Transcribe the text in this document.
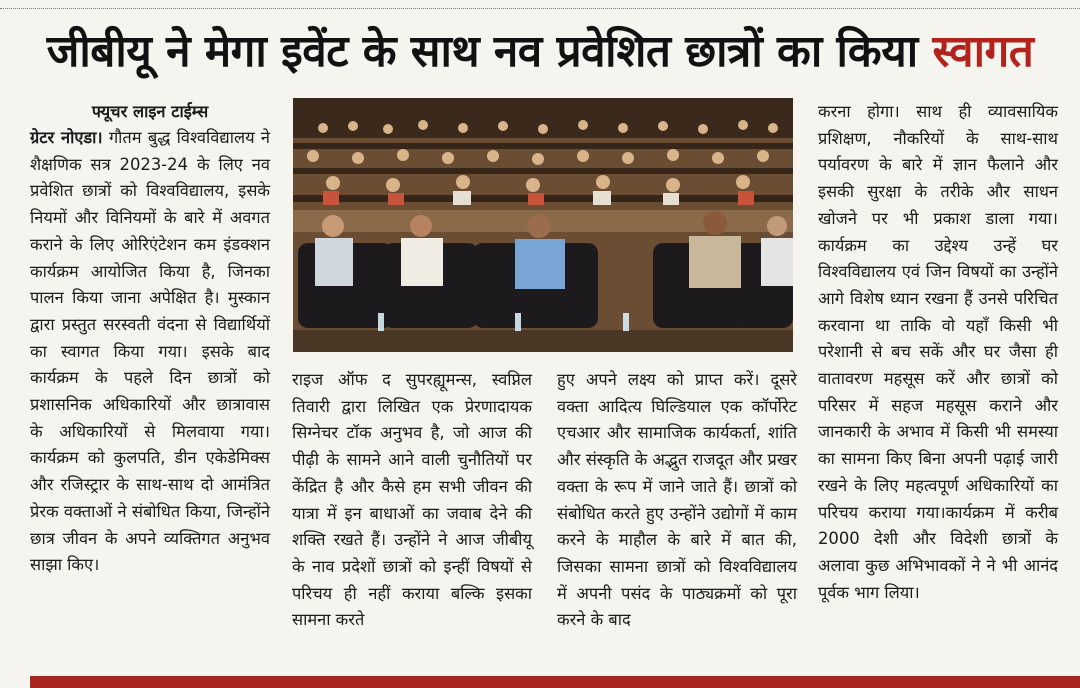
जीबीयू ने मेगा इवेंट के साथ नव प्रवेशित छात्रों का किया स्वागत
फ्यूचर लाइन टाईम्स

ग्रेटर नोएडा। गौतम बुद्ध विश्वविद्यालय ने शैक्षणिक सत्र 2023-24 के लिए नव प्रवेशित छात्रों को विश्वविद्यालय, इसके नियमों और विनियमों के बारे में अवगत कराने के लिए ओरिएंटेशन कम इंडक्शन कार्यक्रम आयोजित किया है, जिनका पालन किया जाना अपेक्षित है। मुस्कान द्वारा प्रस्तुत सरस्वती वंदना से विद्यार्थियों का स्वागत किया गया। इसके बाद कार्यक्रम के पहले दिन छात्रों को प्रशासनिक अधिकारियों और छात्रावास के अधिकारियों से मिलवाया गया। कार्यक्रम को कुलपति, डीन एकेडेमिक्स और रजिस्ट्रार के साथ-साथ दो आमंत्रित प्रेरक वक्ताओं ने संबोधित किया, जिन्होंने छात्र जीवन के अपने व्यक्तिगत अनुभव साझा किए।

राइज ऑफ द सुपरह्यूमन्स, स्वप्निल तिवारी द्वारा लिखित एक प्रेरणादायक सिग्नेचर टॉक अनुभव है, जो आज की पीढ़ी के सामने आने वाली चुनौतियों पर केंद्रित है और कैसे हम सभी जीवन की यात्रा में इन बाधाओं का जवाब देने की शक्ति रखते हैं। उन्होंने ने आज जीबीयू के नाव प्रदेशों छात्रों को इन्हीं विषयों से परिचय ही नहीं कराया बल्कि इसका सामना करते

हुए अपने लक्ष्य को प्राप्त करें। दूसरे वक्ता आदित्य घिल्डियाल एक कॉर्पोरेट एचआर और सामाजिक कार्यकर्ता, शांति और संस्कृति के अद्भुत राजदूत और प्रखर वक्ता के रूप में जाने जाते हैं। छात्रों को संबोधित करते हुए उन्होंने उद्योगों में काम करने के माहौल के बारे में बात की, जिसका सामना छात्रों को विश्वविद्यालय में अपनी पसंद के पाठ्यक्रमों को पूरा करने के बाद

करना होगा। साथ ही व्यावसायिक प्रशिक्षण, नौकरियों के साथ-साथ पर्यावरण के बारे में ज्ञान फैलाने और इसकी सुरक्षा के तरीके और साधन खोजने पर भी प्रकाश डाला गया। कार्यक्रम का उद्देश्य उन्हें घर विश्वविद्यालय एवं जिन विषयों का उन्होंने आगे विशेष ध्यान रखना हैं उनसे परिचित करवाना था ताकि वो यहाँ किसी भी परेशानी से बच सकें और घर जैसा ही वातावरण महसूस करें और छात्रों को परिसर में सहज महसूस कराने और जानकारी के अभाव में किसी भी समस्या का सामना किए बिना अपनी पढ़ाई जारी रखने के लिए महत्वपूर्ण अधिकारियों का परिचय कराया गया।कार्यक्रम में करीब 2000 देशी और विदेशी छात्रों के अलावा कुछ अभिभावकों ने ने भी आनंद पूर्वक भाग लिया।
